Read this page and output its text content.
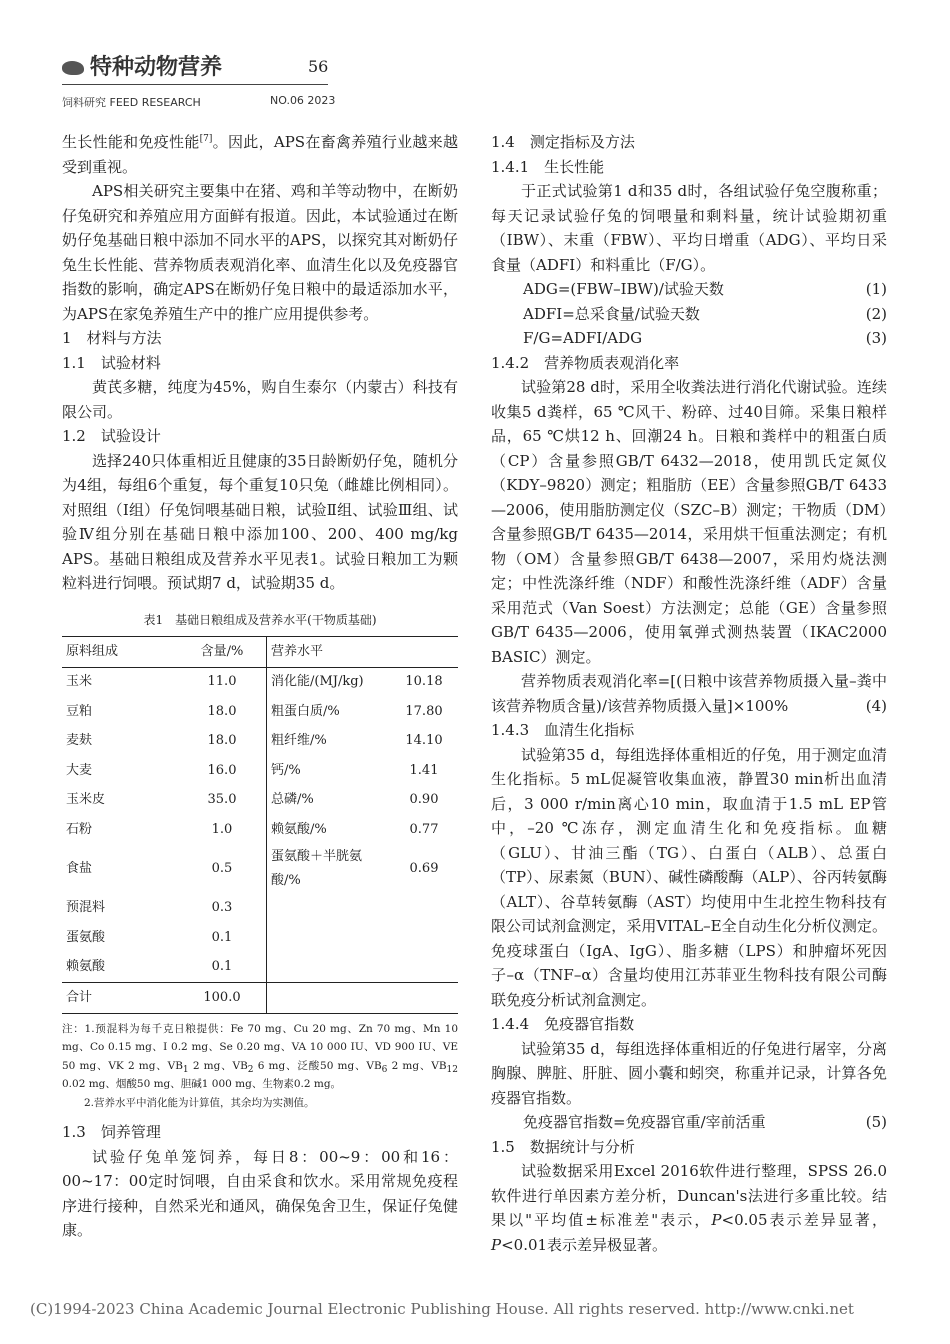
特种动物营养	56
饲料研究 FEED RESEARCH	NO.06 2023

生长性能和免疫性能[7]。因此，APS在畜禽养殖行业越来越受到重视。

APS相关研究主要集中在猪、鸡和羊等动物中，在断奶仔兔研究和养殖应用方面鲜有报道。因此，本试验通过在断奶仔兔基础日粮中添加不同水平的APS，以探究其对断奶仔兔生长性能、营养物质表观消化率、血清生化以及免疫器官指数的影响，确定APS在断奶仔兔日粮中的最适添加水平，为APS在家兔养殖生产中的推广应用提供参考。

1　材料与方法

1.1　试验材料

黄芪多糖，纯度为45%，购自生泰尔（内蒙古）科技有限公司。

1.2　试验设计

选择240只体重相近且健康的35日龄断奶仔兔，随机分为4组，每组6个重复，每个重复10只兔（雌雄比例相同）。对照组（Ⅰ组）仔兔饲喂基础日粮，试验Ⅱ组、试验Ⅲ组、试验Ⅳ组分别在基础日粮中添加100、200、400 mg/kg APS。基础日粮组成及营养水平见表1。试验日粮加工为颗粒料进行饲喂。预试期7 d，试验期35 d。

表1　基础日粮组成及营养水平(干物质基础)

原料组成	含量/%	营养水平	
玉米	11.0	消化能/(MJ/kg)	10.18
豆粕	18.0	粗蛋白质/%	17.80
麦麸	18.0	粗纤维/%	14.10
大麦	16.0	钙/%	1.41
玉米皮	35.0	总磷/%	0.90
石粉	1.0	赖氨酸/%	0.77
食盐	0.5	蛋氨酸＋半胱氨酸/%	0.69
预混料	0.3		
蛋氨酸	0.1		
赖氨酸	0.1		
合计	100.0		

注：1.预混料为每千克日粮提供：Fe 70 mg、Cu 20 mg、Zn 70 mg、Mn 10 mg、Co 0.15 mg、I 0.2 mg、Se 0.20 mg、VA 10 000 IU、VD 900 IU、VE 50 mg、VK 2 mg、$VB_1$ 2 mg、$VB_2$ 6 mg、泛酸50 mg、$VB_6$ 2 mg、$VB_{12}$ 0.02 mg、烟酸50 mg、胆碱1 000 mg、生物素0.2 mg。

2.营养水平中消化能为计算值，其余均为实测值。

1.3　饲养管理

试验仔兔单笼饲养，每日8：00~9：00和16：00~17：00定时饲喂，自由采食和饮水。采用常规免疫程序进行接种，自然采光和通风，确保兔舍卫生，保证仔兔健康。

1.4　测定指标及方法

1.4.1　生长性能

于正式试验第1 d和35 d时，各组试验仔兔空腹称重；每天记录试验仔兔的饲喂量和剩料量，统计试验期初重（IBW）、末重（FBW）、平均日增重（ADG）、平均日采食量（ADFI）和料重比（F/G）。

ADG=(FBW–IBW)/试验天数	(1)
ADFI=总采食量/试验天数	(2)
F/G=ADFI/ADG	(3)

1.4.2　营养物质表观消化率

试验第28 d时，采用全收粪法进行消化代谢试验。连续收集5 d粪样，65 ℃风干、粉碎、过40目筛。采集日粮样品，65 ℃烘12 h、回潮24 h。日粮和粪样中的粗蛋白质（CP）含量参照GB/T 6432—2018，使用凯氏定氮仪（KDY–9820）测定；粗脂肪（EE）含量参照GB/T 6433—2006，使用脂肪测定仪（SZC–B）测定；干物质（DM）含量参照GB/T 6435—2014，采用烘干恒重法测定；有机物（OM）含量参照GB/T 6438—2007，采用灼烧法测定；中性洗涤纤维（NDF）和酸性洗涤纤维（ADF）含量采用范式（Van Soest）方法测定；总能（GE）含量参照GB/T 6435—2006，使用氧弹式测热装置（IKAC2000 BASIC）测定。

营养物质表观消化率=[(日粮中该营养物质摄入量–粪中该营养物质含量)/该营养物质摄入量]×100%	(4)

1.4.3　血清生化指标

试验第35 d，每组选择体重相近的仔兔，用于测定血清生化指标。5 mL促凝管收集血液，静置30 min析出血清后，3 000 r/min离心10 min，取血清于1.5 mL EP管中，–20 ℃冻存，测定血清生化和免疫指标。血糖（GLU）、甘油三酯（TG）、白蛋白（ALB）、总蛋白（TP）、尿素氮（BUN）、碱性磷酸酶（ALP）、谷丙转氨酶（ALT）、谷草转氨酶（AST）均使用中生北控生物科技有限公司试剂盒测定，采用VITAL–E全自动生化分析仪测定。免疫球蛋白（IgA、IgG）、脂多糖（LPS）和肿瘤坏死因子–α（TNF–α）含量均使用江苏菲亚生物科技有限公司酶联免疫分析试剂盒测定。

1.4.4　免疫器官指数

试验第35 d，每组选择体重相近的仔兔进行屠宰，分离胸腺、脾脏、肝脏、圆小囊和蚓突，称重并记录，计算各免疫器官指数。

免疫器官指数=免疫器官重/宰前活重	(5)

1.5　数据统计与分析

试验数据采用Excel 2016软件进行整理，SPSS 26.0软件进行单因素方差分析，Duncan's法进行多重比较。结果以"平均值±标准差"表示，P<0.05表示差异显著，P<0.01表示差异极显著。

(C)1994-2023 China Academic Journal Electronic Publishing House. All rights reserved. http://www.cnki.net
